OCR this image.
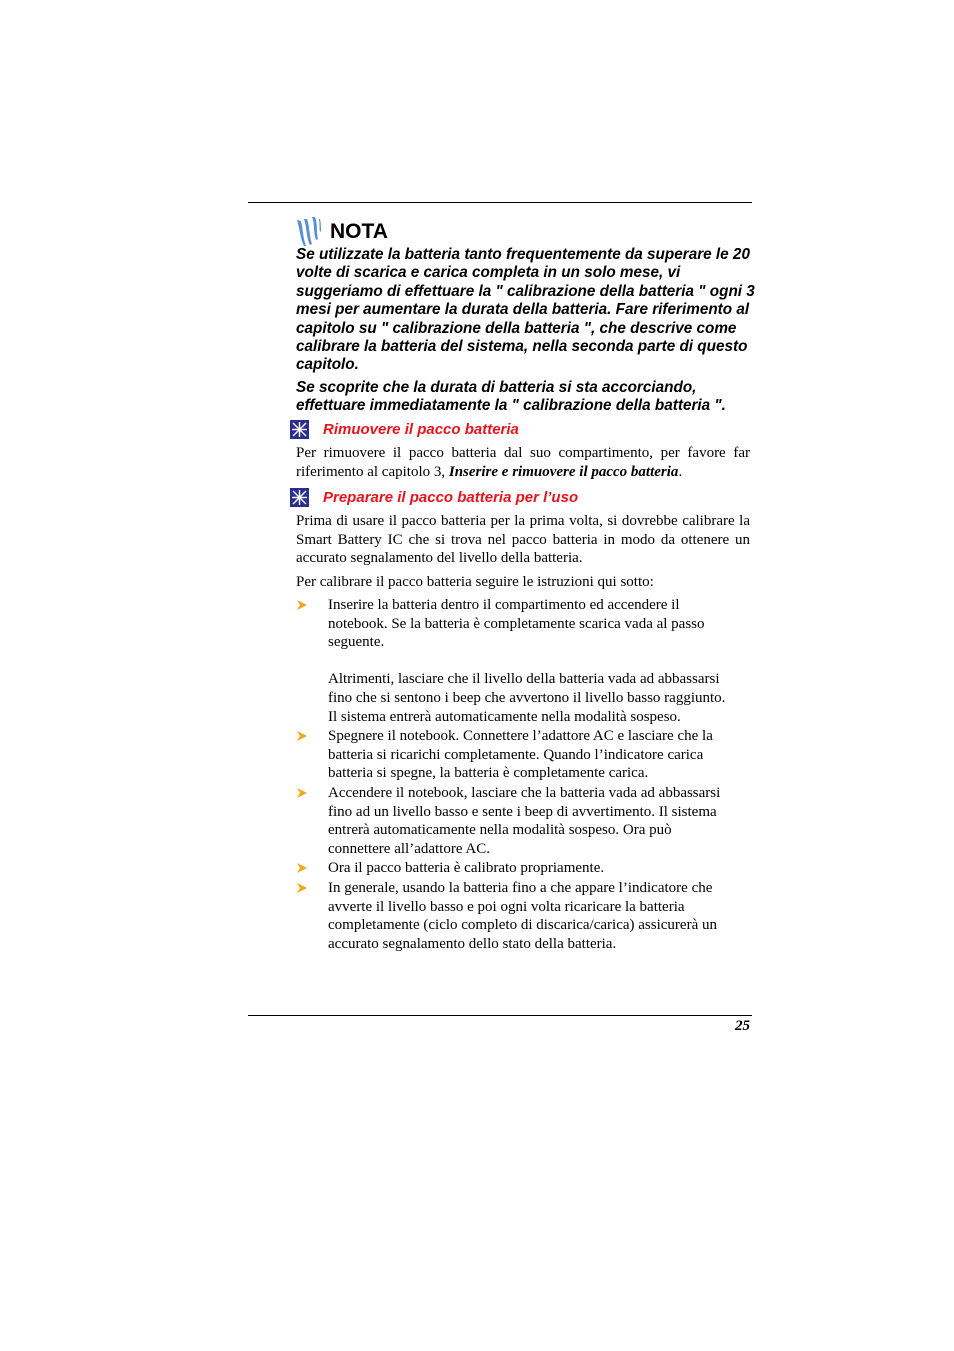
NOTA

Se utilizzate la batteria tanto frequentemente da superare le 20 volte di scarica e carica completa in un solo mese, vi suggeriamo di effettuare la " calibrazione della batteria " ogni 3 mesi per aumentare la durata della batteria. Fare riferimento al capitolo su " calibrazione della batteria ", che descrive come calibrare la batteria del sistema, nella seconda parte di questo capitolo.

Se scoprite che la durata di batteria si sta accorciando, effettuare immediatamente la " calibrazione della batteria ".

Rimuovere il pacco batteria

Per rimuovere il pacco batteria dal suo compartimento, per favore far riferimento al capitolo 3, Inserire e rimuovere il pacco batteria.

Preparare il pacco batteria per l’uso

Prima di usare il pacco batteria per la prima volta, si dovrebbe calibrare la Smart Battery IC che si trova nel pacco batteria in modo da ottenere un accurato segnalamento del livello della batteria.

Per calibrare il pacco batteria seguire le istruzioni qui sotto:

Inserire la batteria dentro il compartimento ed accendere il
notebook. Se la batteria è completamente scarica vada al passo
seguente.
Altrimenti, lasciare che il livello della batteria vada ad abbassarsi
fino che si sentono i beep che avvertono il livello basso raggiunto.
Il sistema entrerà automaticamente nella modalità sospeso.
Spegnere il notebook. Connettere l’adattore AC e lasciare che la
batteria si ricarichi completamente. Quando l’indicatore carica
batteria si spegne, la batteria è completamente carica.
Accendere il notebook, lasciare che la batteria vada ad abbassarsi
fino ad un livello basso e sente i beep di avvertimento. Il sistema
entrerà automaticamente nella modalità sospeso. Ora può
connettere all’adattore AC.
Ora il pacco batteria è calibrato propriamente.
In generale, usando la batteria fino a che appare l’indicatore che
avverte il livello basso e poi ogni volta ricaricare la batteria
completamente (ciclo completo di discarica/carica) assicurerà un
accurato segnalamento dello stato della batteria.
25
